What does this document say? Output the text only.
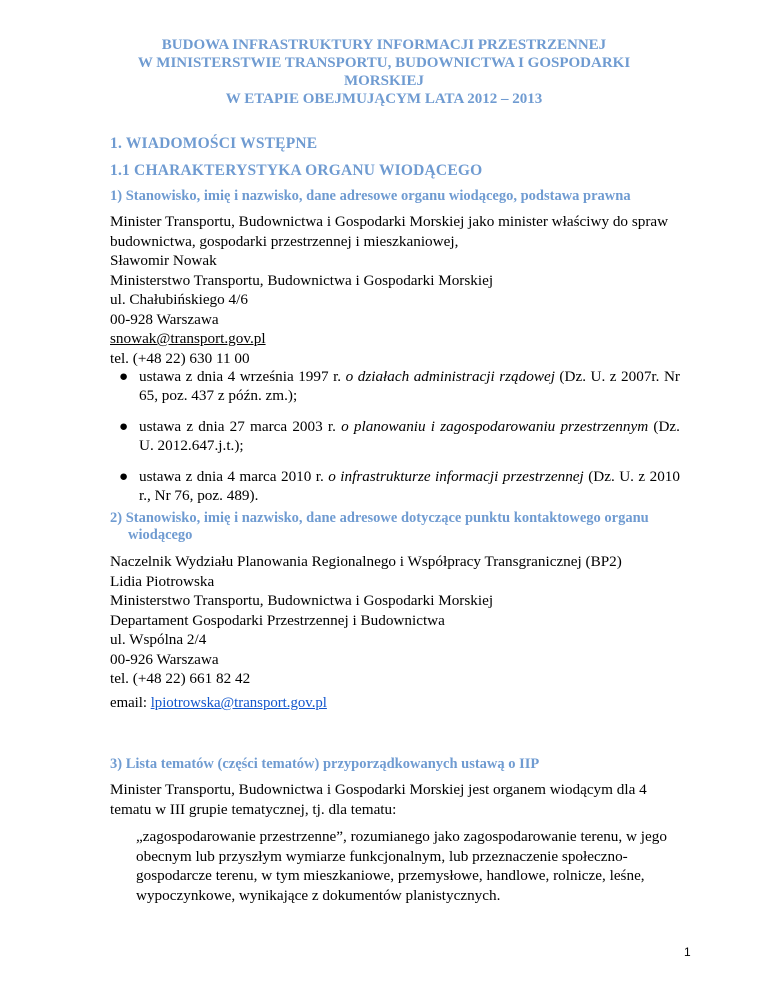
BUDOWA INFRASTRUKTURY INFORMACJI PRZESTRZENNEJ
W MINISTERSTWIE TRANSPORTU, BUDOWNICTWA I GOSPODARKI
MORSKIEJ
W ETAPIE OBEJMUJĄCYM LATA 2012 – 2013
1. WIADOMOŚCI WSTĘPNE
1.1 CHARAKTERYSTYKA ORGANU WIODĄCEGO
1) Stanowisko, imię i nazwisko, dane adresowe organu wiodącego, podstawa prawna
Minister Transportu, Budownictwa i Gospodarki Morskiej jako minister właściwy do spraw
budownictwa, gospodarki przestrzennej i mieszkaniowej,
Sławomir Nowak
Ministerstwo Transportu, Budownictwa i Gospodarki Morskiej
ul. Chałubińskiego 4/6
00-928 Warszawa
snowak@transport.gov.pl
tel. (+48 22) 630 11 00
● ustawa z dnia 4 września 1997 r. o działach administracji rządowej (Dz. U. z 2007r. Nr 65, poz. 437 z późn. zm.);
● ustawa z dnia 27 marca 2003 r. o planowaniu i zagospodarowaniu przestrzennym (Dz. U. 2012.647.j.t.);
● ustawa z dnia 4 marca 2010 r. o infrastrukturze informacji przestrzennej (Dz. U. z 2010 r., Nr 76, poz. 489).
2) Stanowisko, imię i nazwisko, dane adresowe dotyczące punktu kontaktowego organu
wiodącego
Naczelnik Wydziału Planowania Regionalnego i Współpracy Transgranicznej (BP2)
Lidia Piotrowska
Ministerstwo Transportu, Budownictwa i Gospodarki Morskiej
Departament Gospodarki Przestrzennej i Budownictwa
ul. Wspólna 2/4
00-926 Warszawa
tel. (+48 22) 661 82 42
email: lpiotrowska@transport.gov.pl
3) Lista tematów (części tematów) przyporządkowanych ustawą o IIP
Minister Transportu, Budownictwa i Gospodarki Morskiej jest organem wiodącym dla 4
tematu w III grupie tematycznej, tj. dla tematu:
„zagospodarowanie przestrzenne”, rozumianego jako zagospodarowanie terenu, w jego
obecnym lub przyszłym wymiarze funkcjonalnym, lub przeznaczenie społeczno-
gospodarcze terenu, w tym mieszkaniowe, przemysłowe, handlowe, rolnicze, leśne,
wypoczynkowe, wynikające z dokumentów planistycznych.
1
